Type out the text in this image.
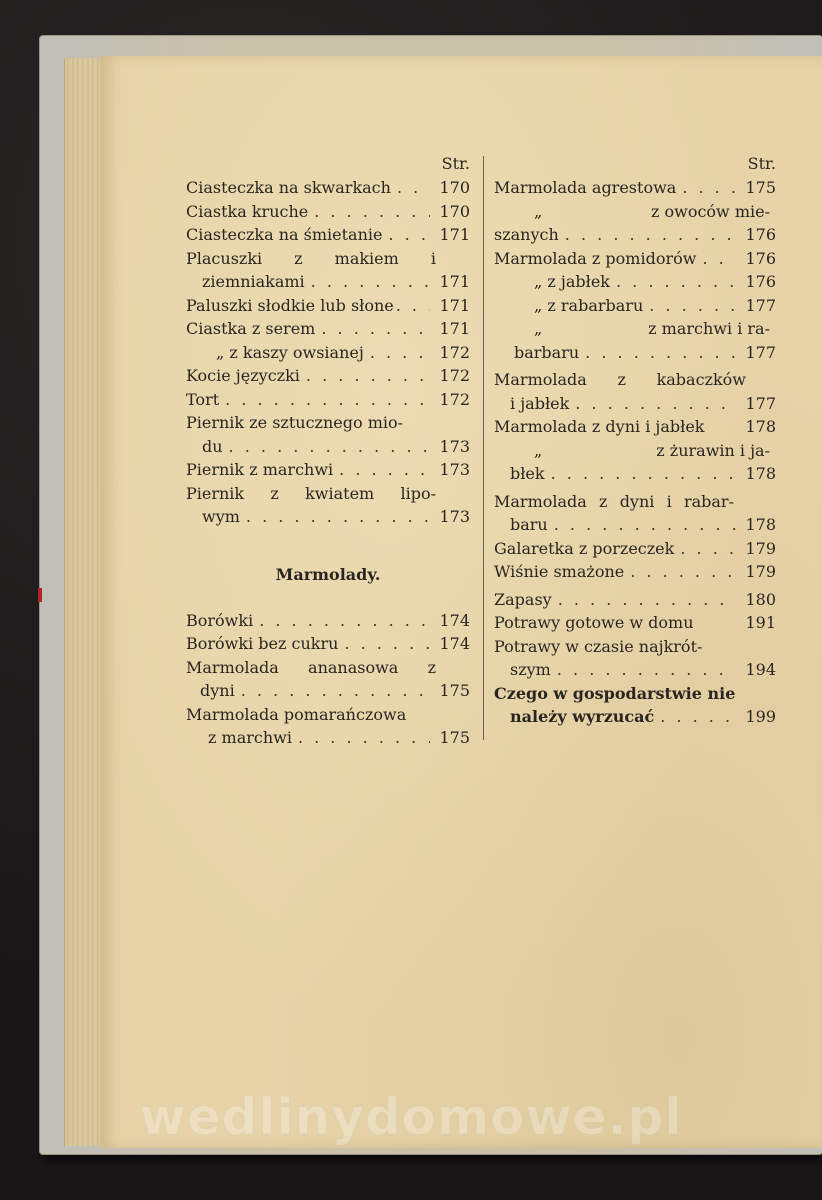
Str.
Ciasteczka na skwarkach . . .	170
Ciastka kruche . . .	170
Ciasteczka na śmietanie . . .	171
Placuszki z makiem i
ziemniakami . . .	171
Paluszki słodkie lub słone . . .	171
Ciastka z serem . . .	171
„ z kaszy owsianej . . .	172
Kocie języczki . . .	172
Tort . . .	172
Piernik ze sztucznego mio-
du . . .	173
Piernik z marchwi . . .	173
Piernik z kwiatem lipo-
wym . . .	173
Marmolady.
Borówki . . .	174
Borówki bez cukru . . .	174
Marmolada ananasowa z
dyni . . .	175
Marmolada pomarańczowa
z marchwi . . .	175
Str.
Marmolada agrestowa . . .	175
„	z owoców mie-
szanych . . .	176
Marmolada z pomidorów . . .	176
„ z jabłek . . .	176
„ z rabarbaru . . .	177
„	z marchwi i ra-
barbaru . . .	177
Marmolada z kabaczków
i jabłek . . .	177
Marmolada z dyni i jabłek	178
„	z żurawin i ja-
błek . . .	178
Marmolada z dyni i rabar-
baru . . .	178
Galaretka z porzeczek . . .	179
Wiśnie smażone . . .	179
Zapasy . . .	180
Potrawy gotowe w domu	191
Potrawy w czasie najkrót-
szym . . .	194
Czego w gospodarstwie nie
należy wyrzucać . . .	199
wedlinydomowe.pl
